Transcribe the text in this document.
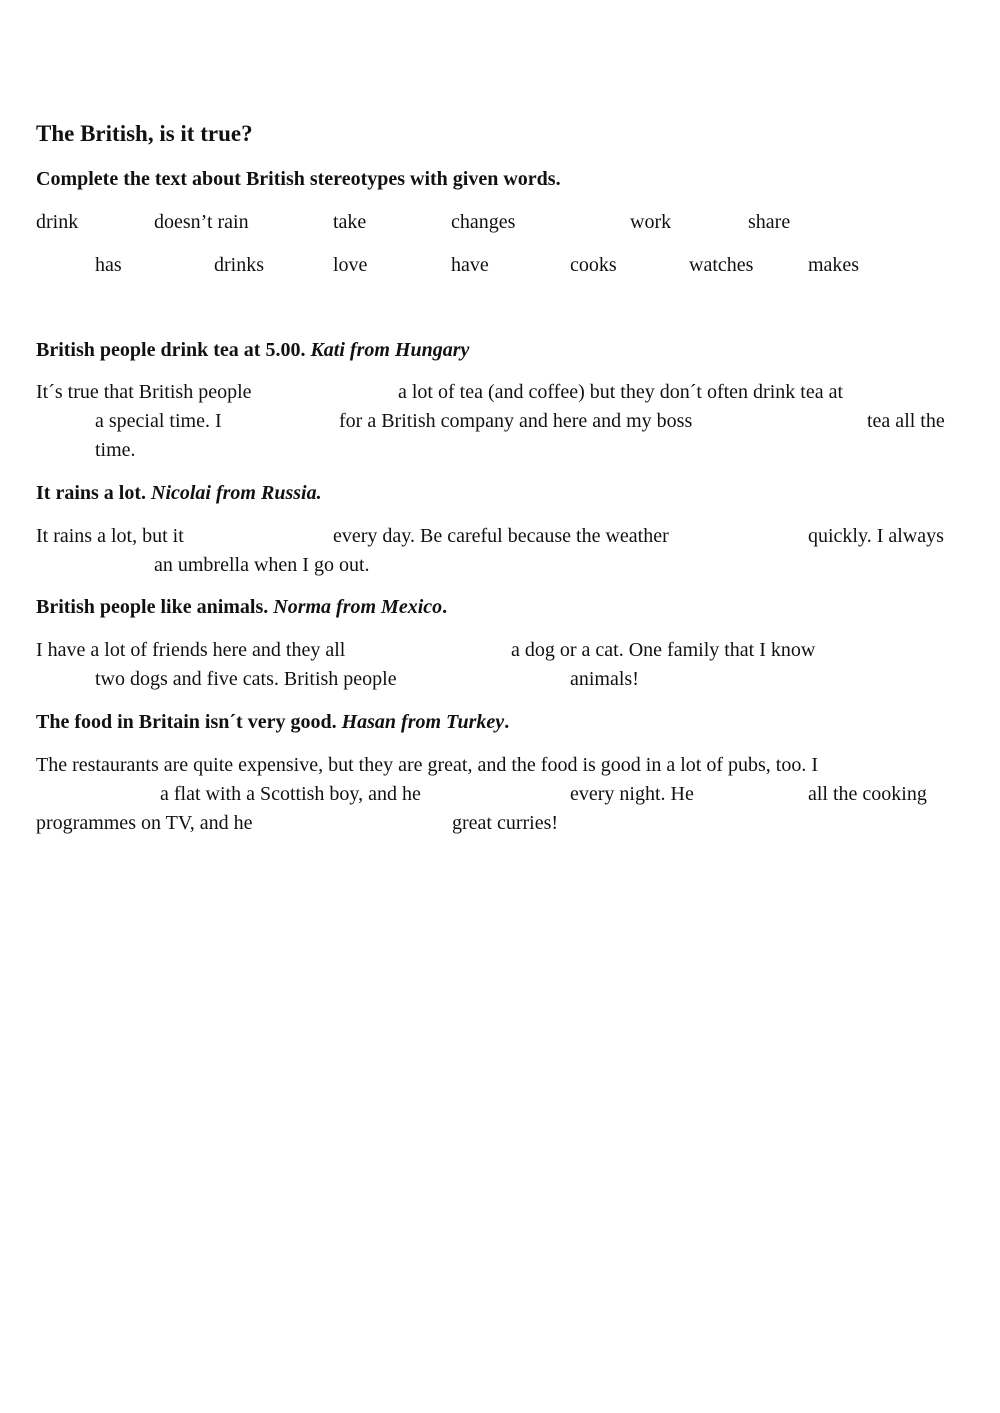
The British, is it true?
Complete the text about British stereotypes with given words.
drink	doesn’t rain	take	changes	work	share
has	drinks	love	have	cooks	watches	makes
British people drink tea at 5.00. Kati from Hungary
It´s true that British people	a lot of tea (and coffee) but they don´t often drink tea at
a special time. I	for a British company and here and my boss	tea all the
time.
It rains a lot. Nicolai from Russia.
It rains a lot, but it	every day. Be careful because the weather	quickly. I always
an umbrella when I go out.
British people like animals. Norma from Mexico.
I have a lot of friends here and they all	a dog or a cat. One family that I know
two dogs and five cats. British people	animals!
The food in Britain isn´t very good. Hasan from Turkey.
The restaurants are quite expensive, but they are great, and the food is good in a lot of pubs, too. I
a flat with a Scottish boy, and he	every night. He	all the cooking
programmes on TV, and he	great curries!
